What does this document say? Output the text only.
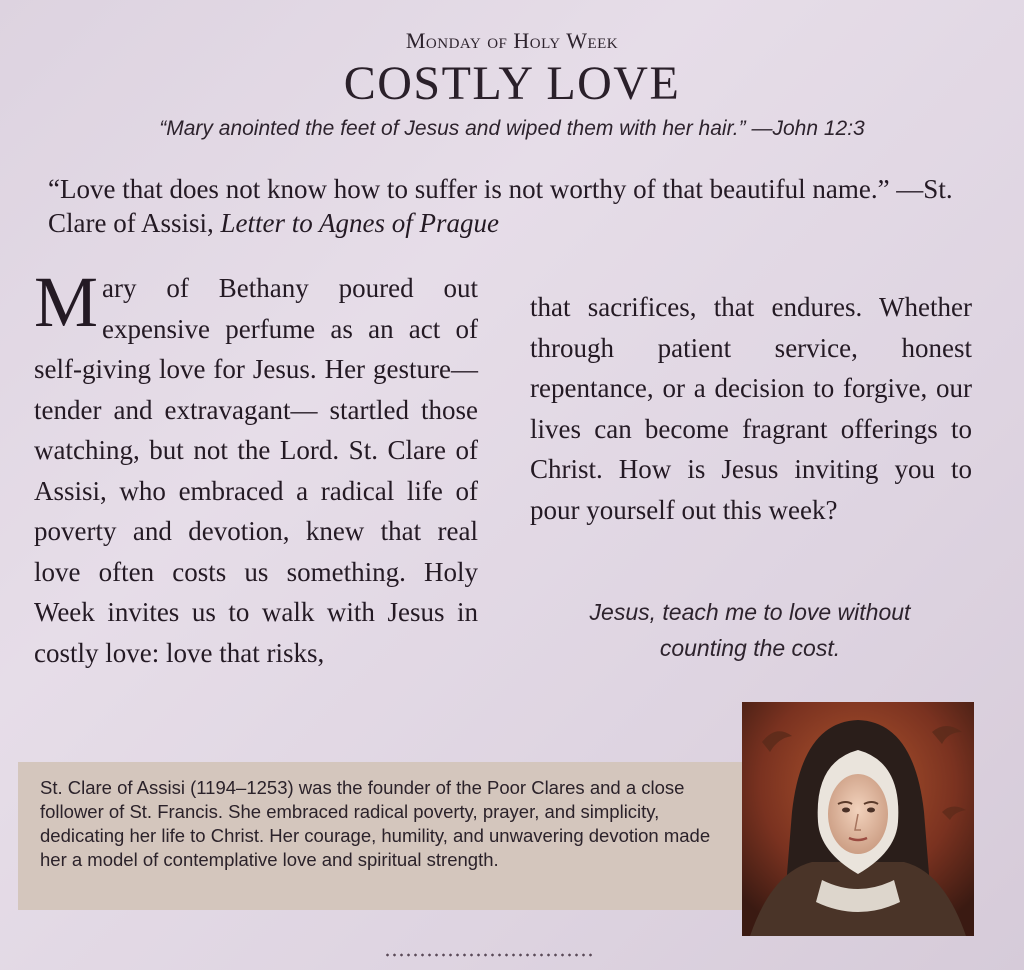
Monday of Holy Week
COSTLY LOVE
“Mary anointed the feet of Jesus and wiped them with her hair.” —John 12:3
“Love that does not know how to suffer is not worthy of that beautiful name.” —St. Clare of Assisi, Letter to Agnes of Prague
Mary of Bethany poured out expensive perfume as an act of self-giving love for Jesus. Her gesture—tender and extravagant— startled those watching, but not the Lord. St. Clare of Assisi, who embraced a radical life of poverty and devotion, knew that real love often costs us something. Holy Week invites us to walk with Jesus in costly love: love that risks,
that sacrifices, that endures. Whether through patient service, honest repentance, or a decision to forgive, our lives can become fragrant offerings to Christ. How is Jesus inviting you to pour yourself out this week?
Jesus, teach me to love without counting the cost.
St. Clare of Assisi (1194–1253) was the founder of the Poor Clares and a close follower of St. Francis. She embraced radical poverty, prayer, and simplicity, dedicating her life to Christ. Her courage, humility, and unwavering devotion made her a model of contemplative love and spiritual strength.
